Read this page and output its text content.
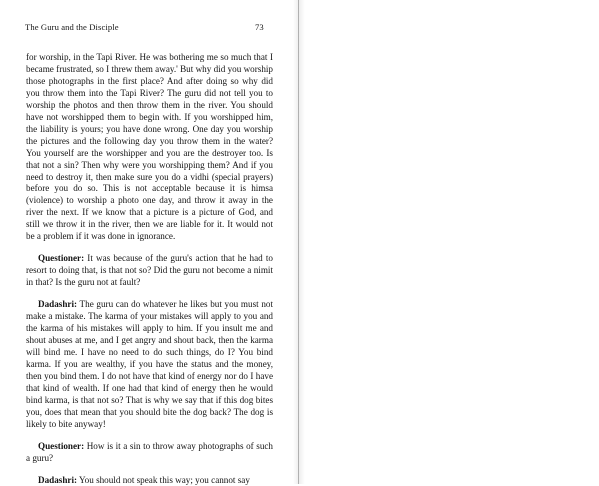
The Guru and the Disciple	73

for worship, in the Tapi River. He was bothering me so much that I became frustrated, so I threw them away.' But why did you worship those photographs in the first place? And after doing so why did you throw them into the Tapi River? The guru did not tell you to worship the photos and then throw them in the river. You should have not worshipped them to begin with. If you worshipped him, the liability is yours; you have done wrong. One day you worship the pictures and the following day you throw them in the water? You yourself are the worshipper and you are the destroyer too. Is that not a sin? Then why were you worshipping them? And if you need to destroy it, then make sure you do a vidhi (special prayers) before you do so. This is not acceptable because it is himsa (violence) to worship a photo one day, and throw it away in the river the next. If we know that a picture is a picture of God, and still we throw it in the river, then we are liable for it. It would not be a problem if it was done in ignorance.

Questioner: It was because of the guru's action that he had to resort to doing that, is that not so? Did the guru not become a nimit in that? Is the guru not at fault?

Dadashri: The guru can do whatever he likes but you must not make a mistake. The karma of your mistakes will apply to you and the karma of his mistakes will apply to him. If you insult me and shout abuses at me, and I get angry and shout back, then the karma will bind me. I have no need to do such things, do I? You bind karma. If you are wealthy, if you have the status and the money, then you bind them. I do not have that kind of energy nor do I have that kind of wealth. If one had that kind of energy then he would bind karma, is that not so? That is why we say that if this dog bites you, does that mean that you should bite the dog back? The dog is likely to bite anyway!

Questioner: How is it a sin to throw away photographs of such a guru?

Dadashri: You should not speak this way; you cannot say
